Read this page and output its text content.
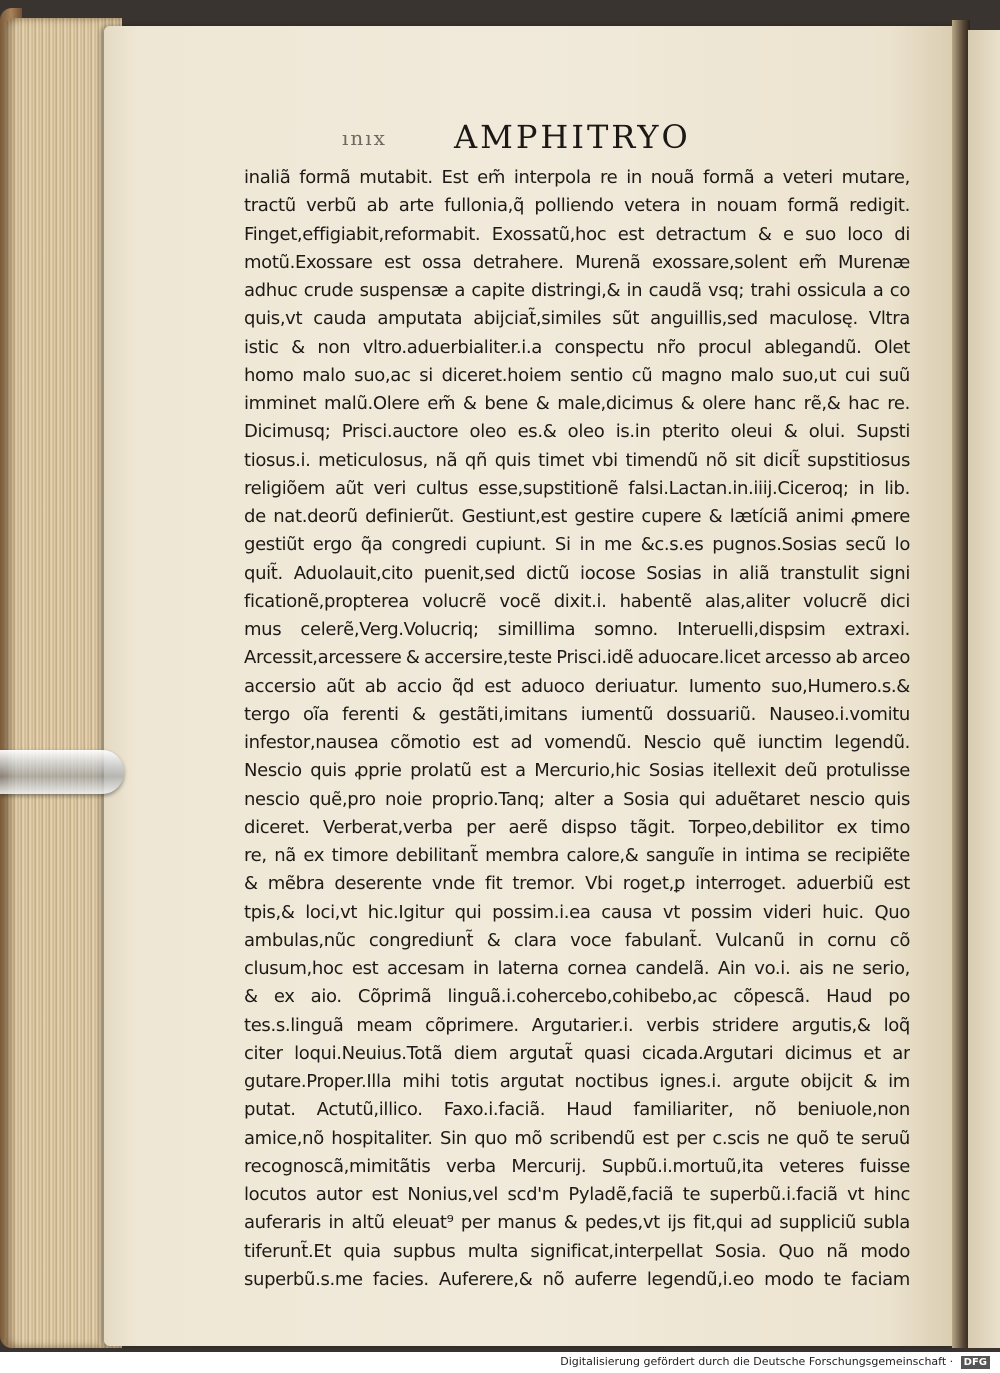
ınıx AMPHITRYO
inaliã formã mutabit. Est em̃ interpola re in nouã formã a veteri mutare,
tractũ verbũ ab arte fullonia,q̃ polliendo vetera in nouam formã redigit.
Finget,effigiabit,reformabit. Exossatũ,hoc est detractum & e suo loco di
motũ.Exossare est ossa detrahere. Murenã exossare,solent em̃ Murenæ
adhuc crude suspensæ a capite distringi,& in caudã vsq; trahi ossicula a co
quis,vt cauda amputata abijciat̃,similes sũt anguillis,sed maculosę. Vltra
istic & non vltro.aduerbialiter.i.a conspectu nr̃o procul ablegandũ. Olet
homo malo suo,ac si diceret.hoiem sentio cũ magno malo suo,ut cui suũ
imminet malũ.Olere em̃ & bene & male,dicimus & olere hanc rẽ,& hac re.
Dicimusq; Prisci.auctore oleo es.& oleo is.in pterito oleui & olui. Supsti
tiosus.i. meticulosus, nã qñ quis timet vbi timendũ nõ sit dicit̃ supstitiosus
religiõem aũt veri cultus esse,supstitionẽ falsi.Lactan.in.iiij.Ciceroq; in lib.
de nat.deorũ definierũt. Gestiunt,est gestire cupere & lætíciã animi ꝓmere
gestiũt ergo q̃a congredi cupiunt. Si in me &c.s.es pugnos.Sosias secũ lo
quit̃. Aduolauit,cito puenit,sed dictũ iocose Sosias in aliã transtulit signi
ficationẽ,propterea volucrẽ vocẽ dixit.i. habentẽ alas,aliter volucrẽ dici
mus celerẽ,Verg.Volucriq; simillima somno. Interuelli,dispsim extraxi.
Arcessit,arcessere & accersire,teste Prisci.idẽ aduocare.licet arcesso ab arceo
accersio aũt ab accio q̃d est aduoco deriuatur. Iumento suo,Humero.s.&
tergo oĩa ferenti & gestãti,imitans iumentũ dossuariũ. Nauseo.i.vomitu
infestor,nausea cõmotio est ad vomendũ. Nescio quẽ iunctim legendũ.
Nescio quis ꝓprie prolatũ est a Mercurio,hic Sosias itellexit deũ protulisse
nescio quẽ,pro noie proprio.Tanq; alter a Sosia qui aduẽtaret nescio quis
diceret. Verberat,verba per aerẽ dispso tãgit. Torpeo,debilitor ex timo
re, nã ex timore debilitant̃ membra calore,& sanguĩe in intima se recipiẽte
& mẽbra deserente vnde fit tremor. Vbi roget,ꝑ interroget. aduerbiũ est
tpis,& loci,vt hic.Igitur qui possim.i.ea causa vt possim videri huic. Quo
ambulas,nũc congrediunt̃ & clara voce fabulant̃. Vulcanũ in cornu cõ
clusum,hoc est accesam in laterna cornea candelã. Ain vo.i. ais ne serio,
& ex aio. Cõprimã linguã.i.cohercebo,cohibebo,ac cõpescã. Haud po
tes.s.linguã meam cõprimere. Argutarier.i. verbis stridere argutis,& loq̃
citer loqui.Neuius.Totã diem argutat̃ quasi cicada.Argutari dicimus et ar
gutare.Proper.Illa mihi totis argutat noctibus ignes.i. argute obijcit & im
putat. Actutũ,illico. Faxo.i.faciã. Haud familiariter, nõ beniuole,non
amice,nõ hospitaliter. Sin quo mõ scribendũ est per c.scis ne quõ te seruũ
recognoscã,mimitãtis verba Mercurij. Supbũ.i.mortuũ,ita veteres fuisse
locutos autor est Nonius,vel scd'm Pyladẽ,faciã te superbũ.i.faciã vt hinc
auferaris in altũ eleuat⁹ per manus & pedes,vt ijs fit,qui ad suppliciũ subla
tiferunt̃.Et quia supbus multa significat,interpellat Sosia. Quo nã modo
superbũ.s.me facies. Auferere,& nõ auferre legendũ,i.eo modo te faciam
Digitalisierung gefördert durch die Deutsche Forschungsgemeinschaft · DFG
